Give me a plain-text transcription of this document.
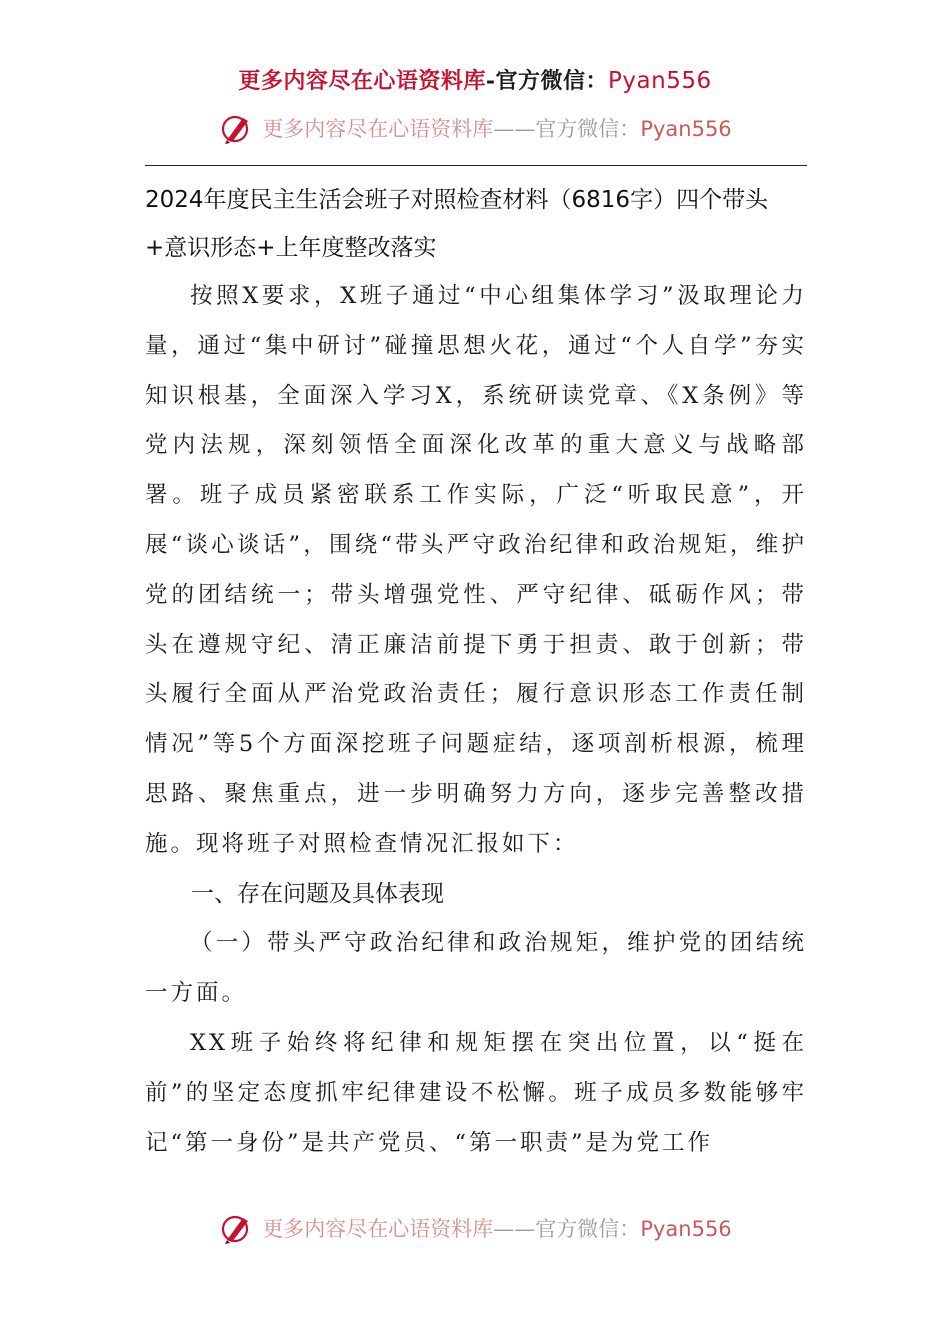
更多内容尽在心语资料库-官方微信：Pyan556
更多内容尽在心语资料库——官方微信：Pyan556
2024年度民主生活会班子对照检查材料（6816字）四个带头+意识形态+上年度整改落实

按照X要求，X班子通过“中心组集体学习”汲取理论力量，通过“集中研讨”碰撞思想火花，通过“个人自学”夯实知识根基，全面深入学习X，系统研读党章、《X条例》等党内法规，深刻领悟全面深化改革的重大意义与战略部署。班子成员紧密联系工作实际，广泛“听取民意”，开展“谈心谈话”，围绕“带头严守政治纪律和政治规矩，维护党的团结统一；带头增强党性、严守纪律、砥砺作风；带头在遵规守纪、清正廉洁前提下勇于担责、敢于创新；带头履行全面从严治党政治责任；履行意识形态工作责任制情况”等5个方面深挖班子问题症结，逐项剖析根源，梳理思路、聚焦重点，进一步明确努力方向，逐步完善整改措施。现将班子对照检查情况汇报如下：

一、存在问题及具体表现

（一）带头严守政治纪律和政治规矩，维护党的团结统一方面。

XX班子始终将纪律和规矩摆在突出位置，以“挺在前”的坚定态度抓牢纪律建设不松懈。班子成员多数能够牢记“第一身份”是共产党员、“第一职责”是为党工作

更多内容尽在心语资料库——官方微信：Pyan556
